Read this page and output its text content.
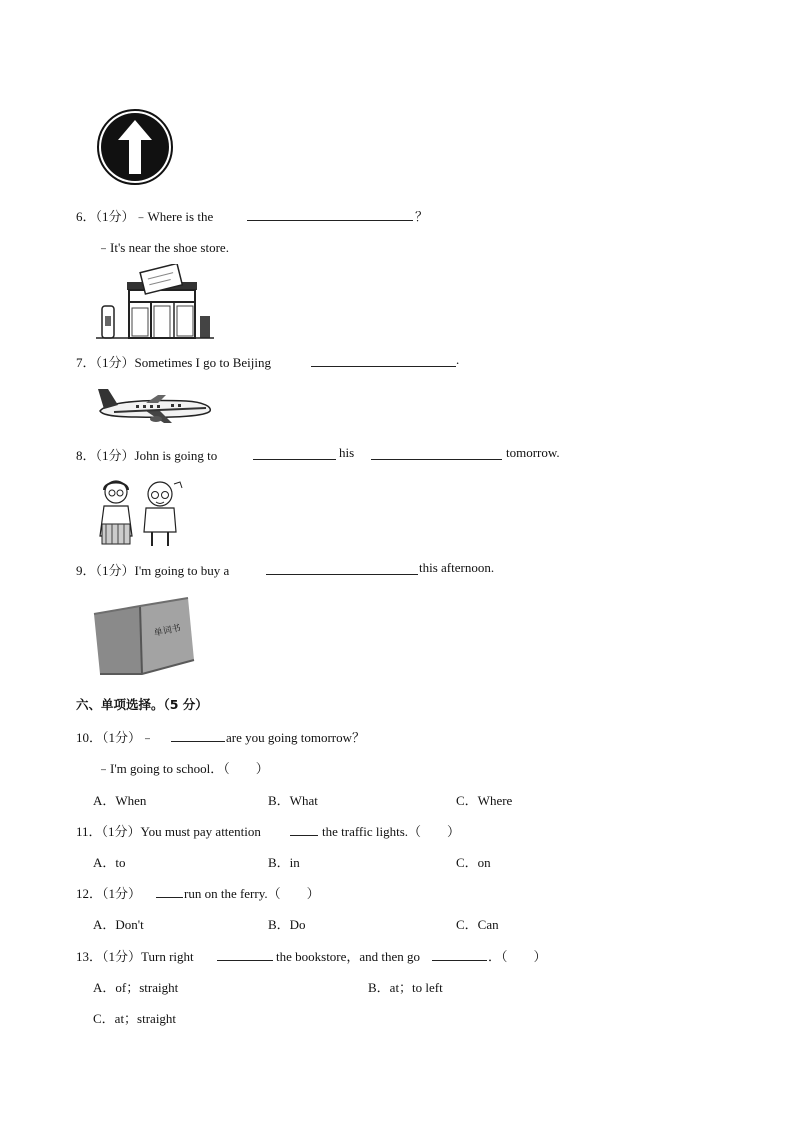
6．（1分）﹣Where is the	？
﹣It's near the shoe store.
7．（1分）Sometimes I go to Beijing	.
8．（1分）John is going to	his	tomorrow.
9．（1分）I'm going to buy a	this afternoon.
单词书
六、单项选择。（5 分）
10．（1分）﹣	are you going tomorrow？
﹣I'm going to school．（　　）
A．When	B．What	C．Where
11．（1分）You must pay attention	the traffic lights.（　　）
A．to	B．in	C．on
12．（1分）	run on the ferry.（　　）
A．Don't	B．Do	C．Can
13．（1分）Turn right	the bookstore，and then go	．（　　）
A．of；straight	B．at；to left
C．at；straight
